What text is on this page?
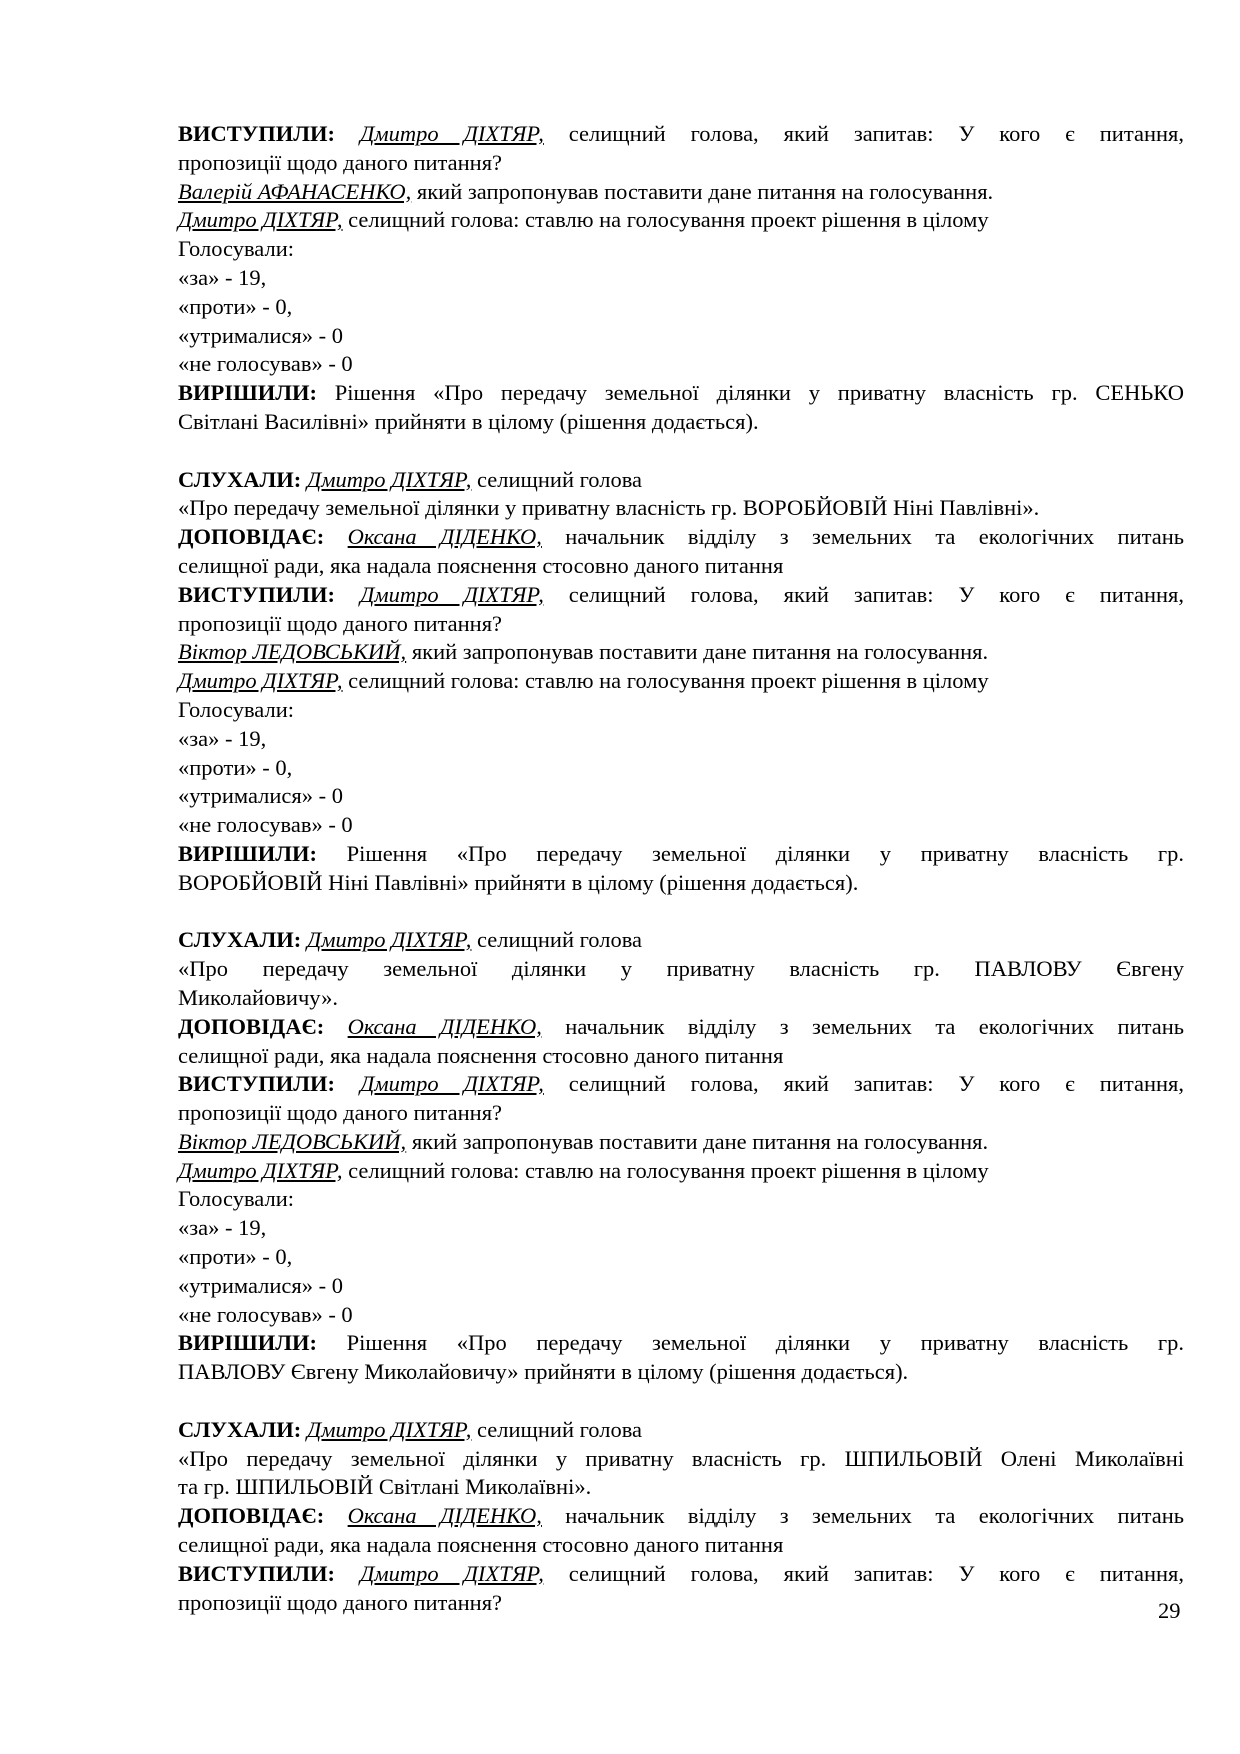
ВИСТУПИЛИ: Дмитро ДІХТЯР, селищний голова, який запитав: У кого є питання,
пропозиції щодо даного питання?
Валерій АФАНАСЕНКО, який запропонував поставити дане питання на голосування.
Дмитро ДІХТЯР, селищний голова: ставлю на голосування проект рішення в цілому
Голосували:
«за» - 19,
«проти» - 0,
«утрималися» - 0
«не голосував» - 0
ВИРІШИЛИ: Рішення «Про передачу земельної ділянки у приватну власність гр. СЕНЬКО
Світлані Василівні» прийняти в цілому (рішення додається).
СЛУХАЛИ: Дмитро ДІХТЯР, селищний голова
«Про передачу земельної ділянки у приватну власність гр. ВОРОБЙОВІЙ Ніні Павлівні».
ДОПОВІДАЄ: Оксана ДІДЕНКО, начальник відділу з земельних та екологічних питань
селищної ради, яка надала пояснення стосовно даного питання
ВИСТУПИЛИ: Дмитро ДІХТЯР, селищний голова, який запитав: У кого є питання,
пропозиції щодо даного питання?
Віктор ЛЕДОВСЬКИЙ, який запропонував поставити дане питання на голосування.
Дмитро ДІХТЯР, селищний голова: ставлю на голосування проект рішення в цілому
Голосували:
«за» - 19,
«проти» - 0,
«утрималися» - 0
«не голосував» - 0
ВИРІШИЛИ: Рішення «Про передачу земельної ділянки у приватну власність гр.
ВОРОБЙОВІЙ Ніні Павлівні» прийняти в цілому (рішення додається).
СЛУХАЛИ: Дмитро ДІХТЯР, селищний голова
«Про передачу земельної ділянки у приватну власність гр. ПАВЛОВУ Євгену
Миколайовичу».
ДОПОВІДАЄ: Оксана ДІДЕНКО, начальник відділу з земельних та екологічних питань
селищної ради, яка надала пояснення стосовно даного питання
ВИСТУПИЛИ: Дмитро ДІХТЯР, селищний голова, який запитав: У кого є питання,
пропозиції щодо даного питання?
Віктор ЛЕДОВСЬКИЙ, який запропонував поставити дане питання на голосування.
Дмитро ДІХТЯР, селищний голова: ставлю на голосування проект рішення в цілому
Голосували:
«за» - 19,
«проти» - 0,
«утрималися» - 0
«не голосував» - 0
ВИРІШИЛИ: Рішення «Про передачу земельної ділянки у приватну власність гр.
ПАВЛОВУ Євгену Миколайовичу» прийняти в цілому (рішення додається).
СЛУХАЛИ: Дмитро ДІХТЯР, селищний голова
«Про передачу земельної ділянки у приватну власність гр. ШПИЛЬОВІЙ Олені Миколаївні
та гр. ШПИЛЬОВІЙ Світлані Миколаївні».
ДОПОВІДАЄ: Оксана ДІДЕНКО, начальник відділу з земельних та екологічних питань
селищної ради, яка надала пояснення стосовно даного питання
ВИСТУПИЛИ: Дмитро ДІХТЯР, селищний голова, який запитав: У кого є питання,
пропозиції щодо даного питання?	29
